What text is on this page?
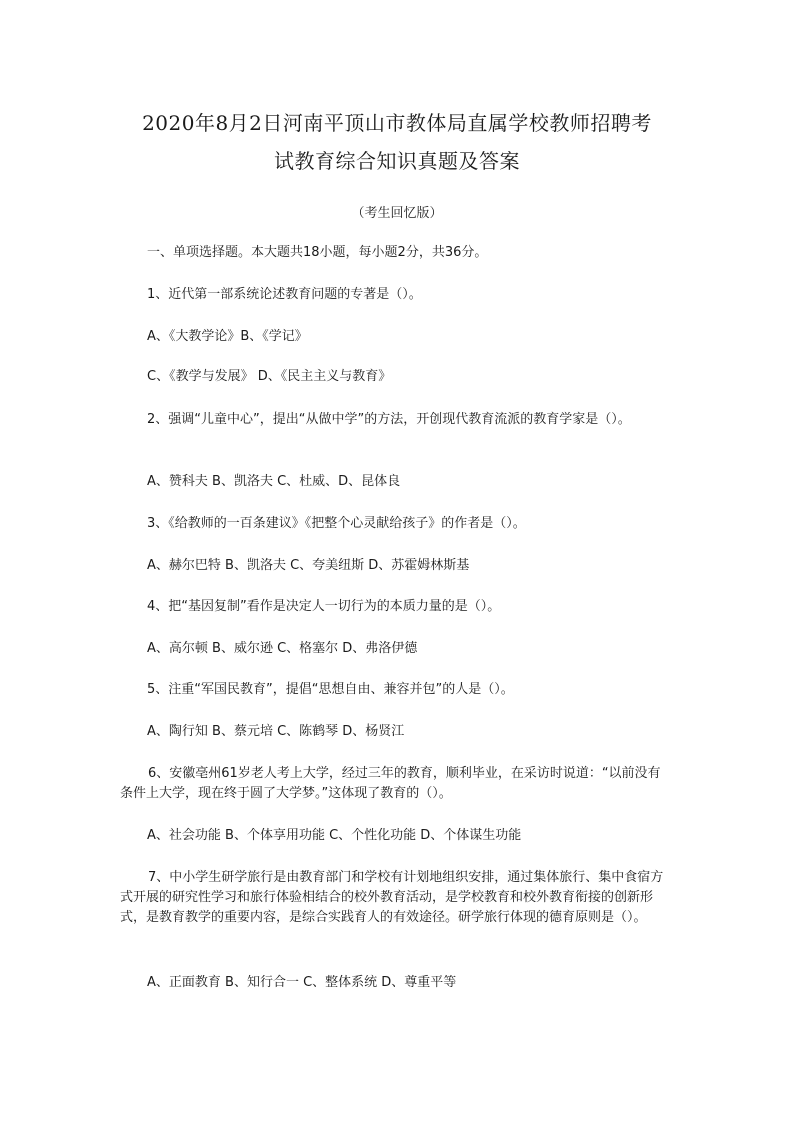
2020年8月2日河南平顶山市教体局直属学校教师招聘考
试教育综合知识真题及答案
（考生回忆版）
一、单项选择题。本大题共18小题，每小题2分，共36分。
1、近代第一部系统论述教育问题的专著是（）。
A、《大教学论》B、《学记》
C、《教学与发展》 D、《民主主义与教育》
2、强调“儿童中心”，提出“从做中学”的方法，开创现代教育流派的教育学家是（）。
A、赞科夫 B、凯洛夫 C、杜威、D、昆体良
3、《给教师的一百条建议》《把整个心灵献给孩子》的作者是（）。
A、赫尔巴特 B、凯洛夫 C、夸美纽斯 D、苏霍姆林斯基
4、把“基因复制”看作是决定人一切行为的本质力量的是（）。
A、高尔顿 B、威尔逊 C、格塞尔 D、弗洛伊德
5、注重“军国民教育”，提倡“思想自由、兼容并包”的人是（）。
A、陶行知 B、蔡元培 C、陈鹤琴 D、杨贤江
6、安徽亳州61岁老人考上大学，经过三年的教育，顺利毕业，在采访时说道：“以前没有条件上大学，现在终于圆了大学梦。”这体现了教育的（）。
A、社会功能 B、个体享用功能 C、个性化功能 D、个体谋生功能
7、中小学生研学旅行是由教育部门和学校有计划地组织安排，通过集体旅行、集中食宿方式开展的研究性学习和旅行体验相结合的校外教育活动，是学校教育和校外教育衔接的创新形式，是教育教学的重要内容，是综合实践育人的有效途径。研学旅行体现的德育原则是（）。
A、正面教育 B、知行合一 C、整体系统 D、尊重平等
